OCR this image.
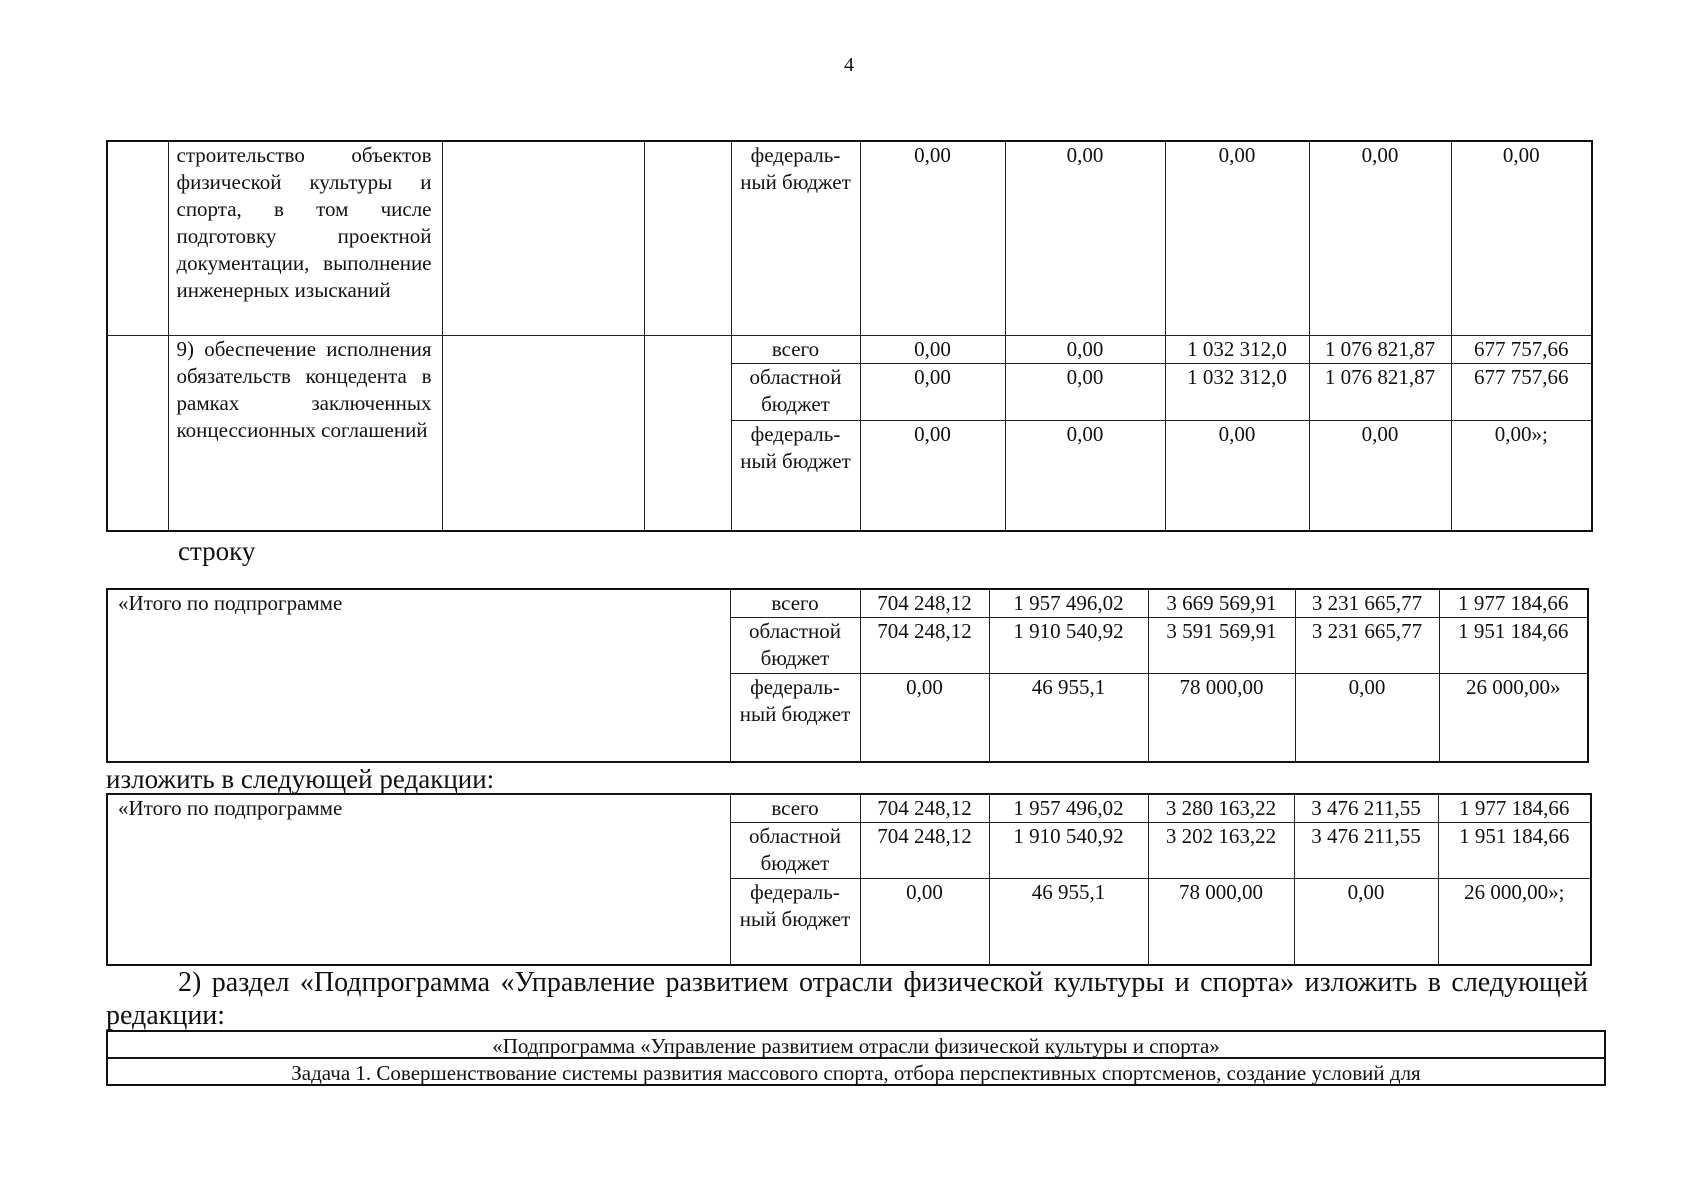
4
	строительство объектов физической культуры и спорта, в том числе подготовку проектной документации, выполнение инженерных изысканий			федераль-ный бюджет	0,00	0,00	0,00	0,00	0,00
	9) обеспечение исполнения обязательств концедента в рамках заключенных концессионных соглашений			всего	0,00	0,00	1 032 312,0	1 076 821,87	677 757,66
				областной бюджет	0,00	0,00	1 032 312,0	1 076 821,87	677 757,66
				федераль-ный бюджет	0,00	0,00	0,00	0,00	0,00»;
строку
«Итого по подпрограмме	всего	704 248,12	1 957 496,02	3 669 569,91	3 231 665,77	1 977 184,66
	областной бюджет	704 248,12	1 910 540,92	3 591 569,91	3 231 665,77	1 951 184,66
	федераль-ный бюджет	0,00	46 955,1	78 000,00	0,00	26 000,00»
изложить в следующей редакции:
«Итого по подпрограмме	всего	704 248,12	1 957 496,02	3 280 163,22	3 476 211,55	1 977 184,66
	областной бюджет	704 248,12	1 910 540,92	3 202 163,22	3 476 211,55	1 951 184,66
	федераль-ный бюджет	0,00	46 955,1	78 000,00	0,00	26 000,00»;
2) раздел «Подпрограмма «Управление развитием отрасли физической культуры и спорта» изложить в следующей редакции:
«Подпрограмма «Управление развитием отрасли физической культуры и спорта»
Задача 1. Совершенствование системы развития массового спорта, отбора перспективных спортсменов, создание условий для
